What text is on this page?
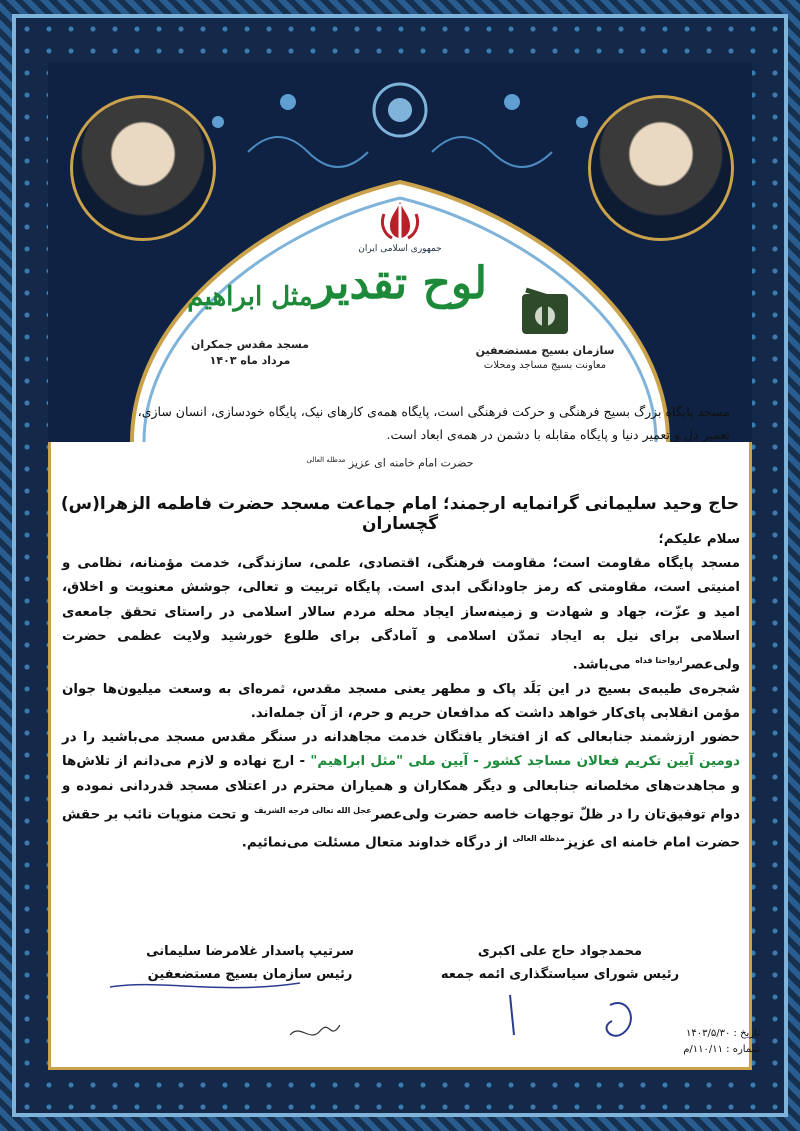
جمهوری اسلامی ایران
لوح تقدیر
مثل ابراهیم
مسجد مقدس جمکران
مرداد ماه ۱۴۰۳
سازمان بسیج مستضعفین
معاونت بسیج مساجد ومحلات
مسجد پایگاه بزرگ بسیج فرهنگی و حرکت فرهنگی است، پایگاه همه‌ی کارهای نیک، پایگاه خودسازی، انسان سازی،
تعمیر دل و تعمیر دنیا و پایگاه مقابله با دشمن در همه‌ی ابعاد است.
حضرت امام خامنه ای عزیز $^{مدظله العالی}$
حاج وحید سلیمانی گرانمایه ارجمند؛ امام جماعت مسجد حضرت فاطمه الزهرا(س) گچساران

سلام علیکم؛

مسجد پایگاه مقاومت است؛ مقاومت فرهنگی، اقتصادی، علمی، سازندگی، خدمت مؤمنانه، نظامی و امنیتی است، مقاومتی که رمز جاودانگی ابدی است. پایگاه تربیت و تعالی، جوشش معنویت و اخلاق، امید و عزّت، جهاد و شهادت و زمینه‌ساز ایجاد محله مردم سالار اسلامی در راستای تحقق جامعه‌ی اسلامی برای نیل به ایجاد تمدّن اسلامی و آمادگی برای طلوع خورشید ولایت عظمی حضرت ولی‌عصر$^{ارواحنا فداه}$ می‌باشد.

شجره‌ی طیبه‌ی بسیج در این بَلَد پاک و مطهر یعنی مسجد مقدس، ثمره‌ای به وسعت میلیون‌ها جوان مؤمن انقلابی پای‌کار خواهد داشت که مدافعان حریم و حرم، از آن جمله‌اند.

حضور ارزشمند جنابعالی که از افتخار یافتگان خدمت مجاهدانه در سنگر مقدس مسجد می‌باشید را در دومین آیین تکریم فعالان مساجد کشور - آیین ملی "مثل ابراهیم" - ارج نهاده و لازم می‌دانم از تلاش‌ها و مجاهدت‌های مخلصانه جنابعالی و دیگر همکاران و همیاران محترم در اعتلای مسجد قدردانی نموده و دوام توفیق‌تان را در ظلّ توجهات خاصه حضرت ولی‌عصر$^{عجل الله تعالی فرجه الشریف}$ و تحت منویات نائب بر حقش حضرت امام خامنه ای عزیز$^{مدظله العالی}$ از درگاه خداوند متعال مسئلت می‌نمائیم.

سرتیپ پاسدار غلامرضا سلیمانی
رئیس سازمان بسیج مستضعفین
محمدجواد حاج علی اکبری
رئیس شورای سیاستگذاری ائمه جمعه
تاریخ : ۱۴۰۳/۵/۳۰
شماره : ۱۱۰/۱۱/م
